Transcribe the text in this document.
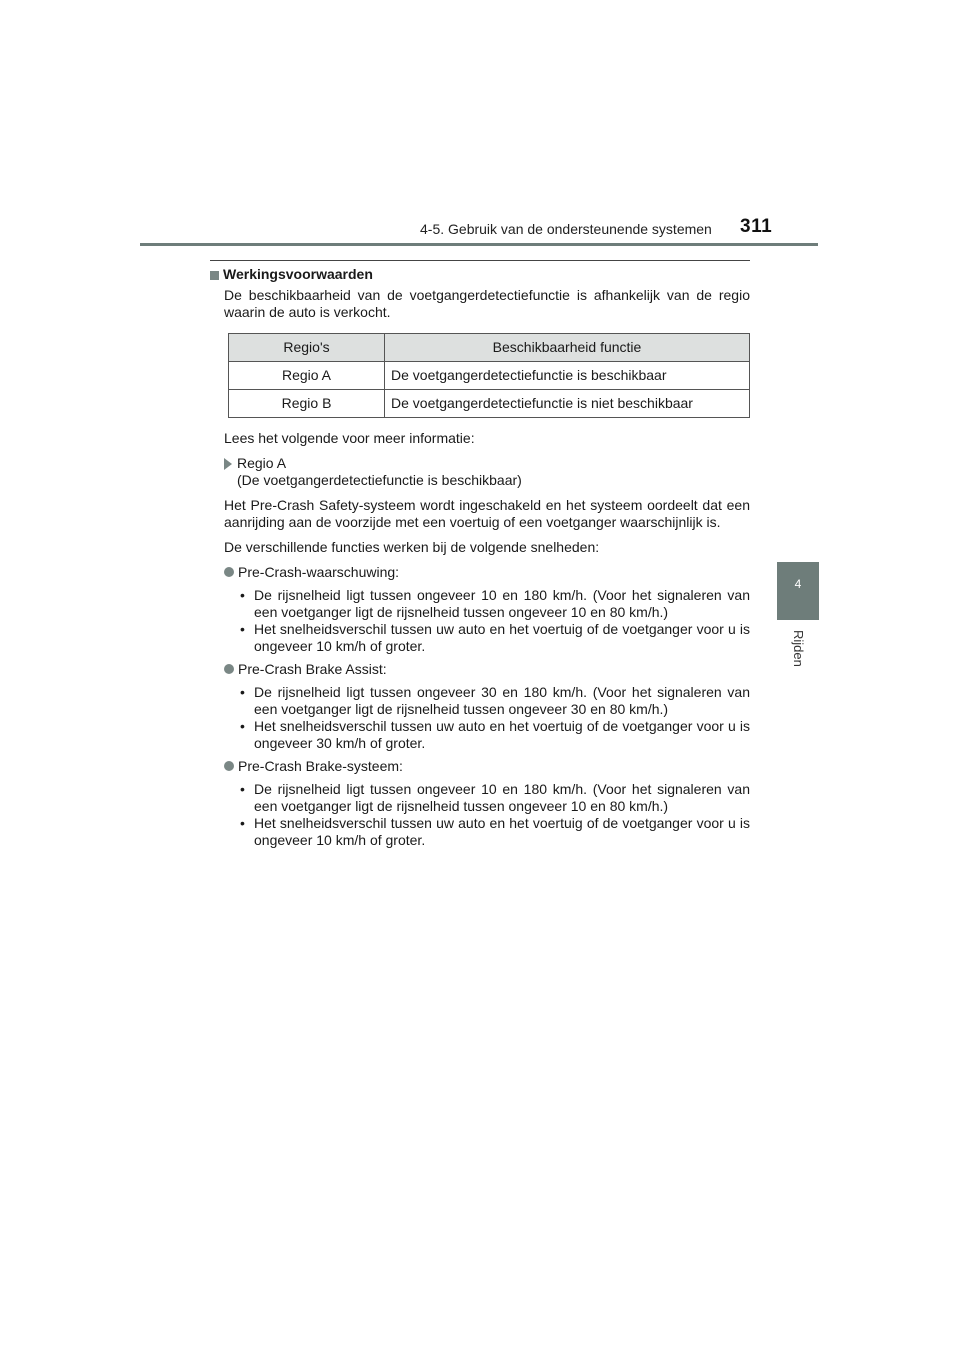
4-5. Gebruik van de ondersteunende systemen 311
4
Rijden
Werkingsvoorwaarden

De beschikbaarheid van de voetgangerdetectiefunctie is afhankelijk van de regio waarin de auto is verkocht.

Regio's	Beschikbaarheid functie
Regio A	De voetgangerdetectiefunctie is beschikbaar
Regio B	De voetgangerdetectiefunctie is niet beschikbaar

Lees het volgende voor meer informatie:

Regio A
(De voetgangerdetectiefunctie is beschikbaar)

Het Pre-Crash Safety-systeem wordt ingeschakeld en het systeem oordeelt dat een aanrijding aan de voorzijde met een voertuig of een voetganger waarschijnlijk is.

De verschillende functies werken bij de volgende snelheden:

Pre-Crash-waarschuwing:
• De rijsnelheid ligt tussen ongeveer 10 en 180 km/h. (Voor het signaleren van een voetganger ligt de rijsnelheid tussen ongeveer 10 en 80 km/h.)
• Het snelheidsverschil tussen uw auto en het voertuig of de voetganger voor u is ongeveer 10 km/h of groter.
Pre-Crash Brake Assist:
• De rijsnelheid ligt tussen ongeveer 30 en 180 km/h. (Voor het signaleren van een voetganger ligt de rijsnelheid tussen ongeveer 30 en 80 km/h.)
• Het snelheidsverschil tussen uw auto en het voertuig of de voetganger voor u is ongeveer 30 km/h of groter.
Pre-Crash Brake-systeem:
• De rijsnelheid ligt tussen ongeveer 10 en 180 km/h. (Voor het signaleren van een voetganger ligt de rijsnelheid tussen ongeveer 10 en 80 km/h.)
• Het snelheidsverschil tussen uw auto en het voertuig of de voetganger voor u is ongeveer 10 km/h of groter.
